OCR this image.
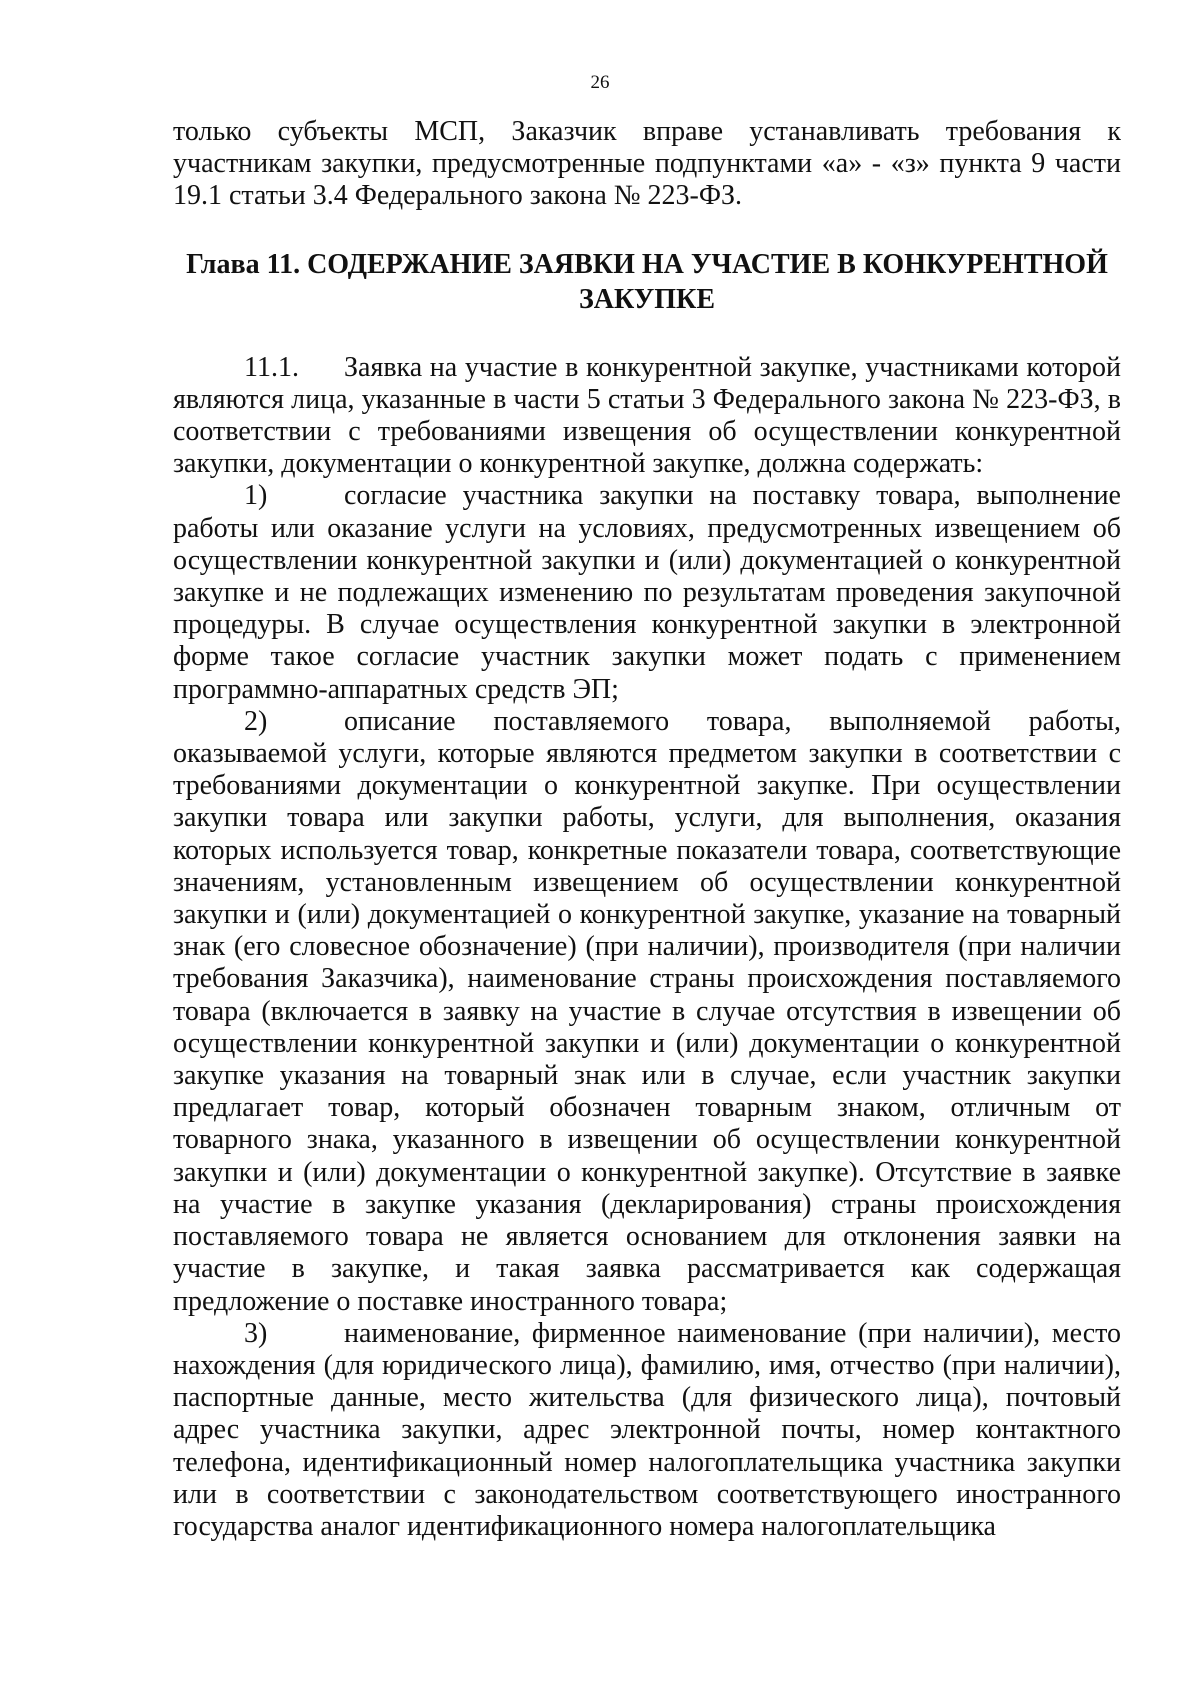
26

только субъекты МСП, Заказчик вправе устанавливать требования к участникам закупки, предусмотренные подпунктами «а» - «з» пункта 9 части 19.1 статьи 3.4 Федерального закона № 223-ФЗ.

Глава 11. СОДЕРЖАНИЕ ЗАЯВКИ НА УЧАСТИЕ В КОНКУРЕНТНОЙ ЗАКУПКЕ

11.1. Заявка на участие в конкурентной закупке, участниками которой являются лица, указанные в части 5 статьи 3 Федерального закона № 223-ФЗ, в соответствии с требованиями извещения об осуществлении конкурентной закупки, документации о конкурентной закупке, должна содержать:

1)	согласие участника закупки на поставку товара, выполнение работы или оказание услуги на условиях, предусмотренных извещением об осуществлении конкурентной закупки и (или) документацией о конкурентной закупке и не подлежащих изменению по результатам проведения закупочной процедуры. В случае осуществления конкурентной закупки в электронной форме такое согласие участник закупки может подать с применением программно-аппаратных средств ЭП;

2)	описание поставляемого товара, выполняемой работы, оказываемой услуги, которые являются предметом закупки в соответствии с требованиями документации о конкурентной закупке. При осуществлении закупки товара или закупки работы, услуги, для выполнения, оказания которых используется товар, конкретные показатели товара, соответствующие значениям, установленным извещением об осуществлении конкурентной закупки и (или) документацией о конкурентной закупке, указание на товарный знак (его словесное обозначение) (при наличии), производителя (при наличии требования Заказчика), наименование страны происхождения поставляемого товара (включается в заявку на участие в случае отсутствия в извещении об осуществлении конкурентной закупки и (или) документации о конкурентной закупке указания на товарный знак или в случае, если участник закупки предлагает товар, который обозначен товарным знаком, отличным от товарного знака, указанного в извещении об осуществлении конкурентной закупки и (или) документации о конкурентной закупке). Отсутствие в заявке на участие в закупке указания (декларирования) страны происхождения поставляемого товара не является основанием для отклонения заявки на участие в закупке, и такая заявка рассматривается как содержащая предложение о поставке иностранного товара;

3)	наименование, фирменное наименование (при наличии), место нахождения (для юридического лица), фамилию, имя, отчество (при наличии), паспортные данные, место жительства (для физического лица), почтовый адрес участника закупки, адрес электронной почты, номер контактного телефона, идентификационный номер налогоплательщика участника закупки или в соответствии с законодательством соответствующего иностранного государства аналог идентификационного номера налогоплательщика
